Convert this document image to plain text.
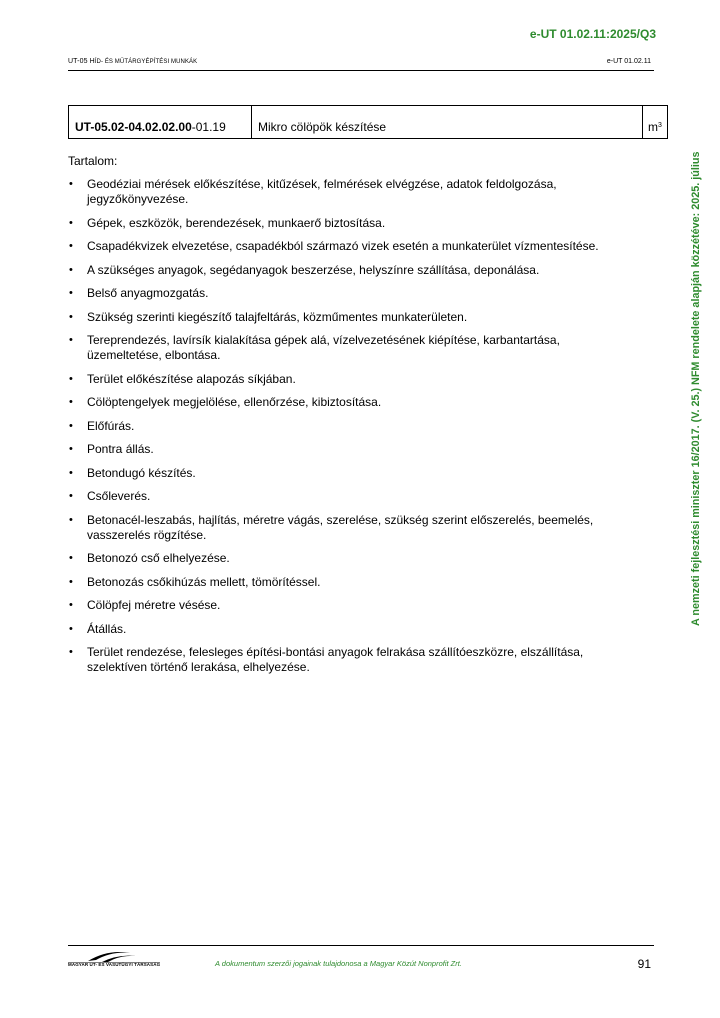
e-UT 01.02.11:2025/Q3
UT-05 HÍD- ÉS MŰTÁRGYÉPÍTÉSI MUNKÁK	e-UT 01.02.11
UT-05.02-04.02.02.00 -01.19	Mikro cölöpök készítése	$m^3$
Tartalom:
• Geodéziai mérések előkészítése, kitűzések, felmérések elvégzése, adatok feldolgozása, jegyzőkönyvezése.
• Gépek, eszközök, berendezések, munkaerő biztosítása.
• Csapadékvizek elvezetése, csapadékból származó vizek esetén a munkaterület vízmentesítése.
• A szükséges anyagok, segédanyagok beszerzése, helyszínre szállítása, deponálása.
• Belső anyagmozgatás.
• Szükség szerinti kiegészítő talajfeltárás, közműmentes munkaterületen.
• Tereprendezés, lavírsík kialakítása gépek alá, vízelvezetésének kiépítése, karbantartása, üzemeltetése, elbontása.
• Terület előkészítése alapozás síkjában.
• Cölöptengelyek megjelölése, ellenőrzése, kibiztosítása.
• Előfúrás.
• Pontra állás.
• Betondugó készítés.
• Csőleverés.
• Betonacél-leszabás, hajlítás, méretre vágás, szerelése, szükség szerint előszerelés, beemelés, vasszerelés rögzítése.
• Betonozó cső elhelyezése.
• Betonozás csőkihúzás mellett, tömörítéssel.
• Cölöpfej méretre vésése.
• Átállás.
• Terület rendezése, felesleges építési-bontási anyagok felrakása szállítóeszközre, elszállítása, szelektíven történő lerakása, elhelyezése.
A nemzeti fejlesztési miniszter 16/2017. (V. 25.) NFM rendelete alapján közzétéve: 2025. július
MAGYAR UT- ÉS VASUTÜGYI TÁRSASÁG	A dokumentum szerzői jogainak tulajdonosa a Magyar Közút Nonprofit Zrt.	91
